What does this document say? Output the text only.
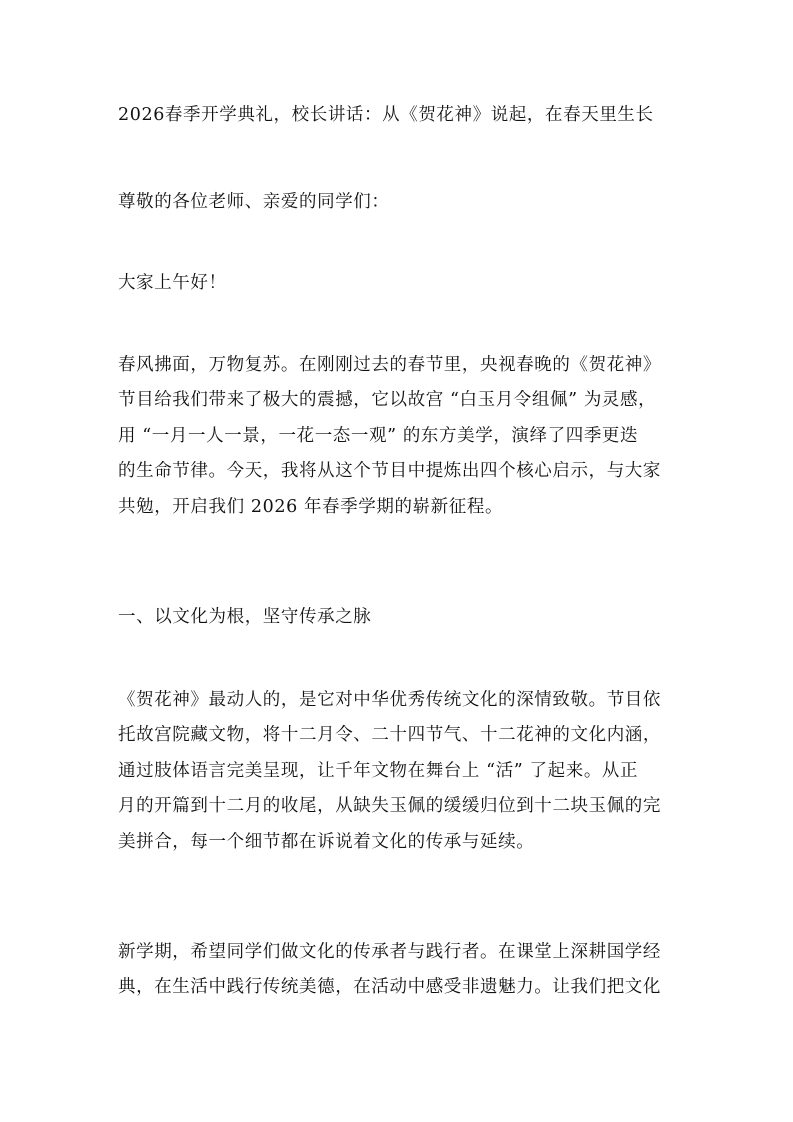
2026春季开学典礼，校长讲话：从《贺花神》说起，在春天里生长
尊敬的各位老师、亲爱的同学们：
大家上午好！
春风拂面，万物复苏。在刚刚过去的春节里，央视春晚的《贺花神》
节目给我们带来了极大的震撼，它以故宫 “白玉月令组佩” 为灵感，
用 “一月一人一景，一花一态一观” 的东方美学，演绎了四季更迭
的生命节律。今天，我将从这个节目中提炼出四个核心启示，与大家
共勉，开启我们 2026 年春季学期的崭新征程。
一、以文化为根，坚守传承之脉
《贺花神》最动人的，是它对中华优秀传统文化的深情致敬。节目依
托故宫院藏文物，将十二月令、二十四节气、十二花神的文化内涵，
通过肢体语言完美呈现，让千年文物在舞台上 “活” 了起来。从正
月的开篇到十二月的收尾，从缺失玉佩的缓缓归位到十二块玉佩的完
美拼合，每一个细节都在诉说着文化的传承与延续。
新学期，希望同学们做文化的传承者与践行者。在课堂上深耕国学经
典，在生活中践行传统美德，在活动中感受非遗魅力。让我们把文化
